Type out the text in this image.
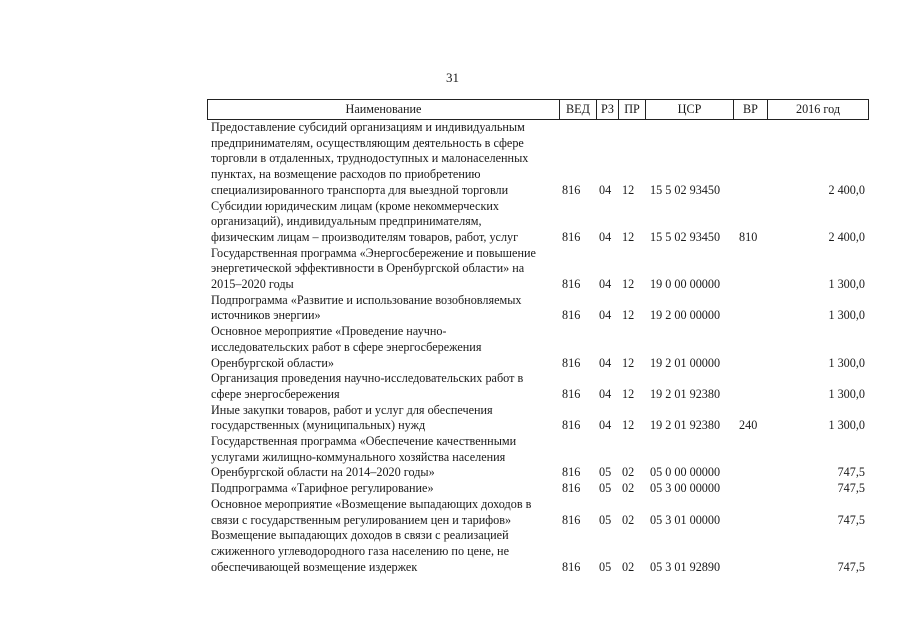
31
Наименование	ВЕД РЗ ПР	ЦСР	ВР	2016 год
Предоставление субсидий организациям и индивидуальным
предпринимателям, осуществляющим деятельность в сфере
торговли в отдаленных, труднодоступных и малонаселенных
пунктах, на возмещение расходов по приобретению
специализированного транспорта для выездной торговли	816 04 12 15 5 02 93450	2 400,0
Субсидии юридическим лицам (кроме некоммерческих
организаций), индивидуальным предпринимателям,
физическим лицам – производителям товаров, работ, услуг	816 04 12 15 5 02 93450 810	2 400,0
Государственная программа «Энергосбережение и повышение
энергетической эффективности в Оренбургской области» на
2015–2020 годы	816 04 12 19 0 00 00000	1 300,0
Подпрограмма «Развитие и использование возобновляемых
источников энергии»	816 04 12 19 2 00 00000	1 300,0
Основное мероприятие «Проведение научно-
исследовательских работ в сфере энергосбережения
Оренбургской области»	816 04 12 19 2 01 00000	1 300,0
Организация проведения научно-исследовательских работ в
сфере энергосбережения	816 04 12 19 2 01 92380	1 300,0
Иные закупки товаров, работ и услуг для обеспечения
государственных (муниципальных) нужд	816 04 12 19 2 01 92380 240	1 300,0
Государственная программа «Обеспечение качественными
услугами жилищно-коммунального хозяйства населения
Оренбургской области на 2014–2020 годы»	816 05 02 05 0 00 00000	747,5
Подпрограмма «Тарифное регулирование»	816 05 02 05 3 00 00000	747,5
Основное мероприятие «Возмещение выпадающих доходов в
связи с государственным регулированием цен и тарифов»	816 05 02 05 3 01 00000	747,5
Возмещение выпадающих доходов в связи с реализацией
сжиженного углеводородного газа населению по цене, не
обеспечивающей возмещение издержек	816 05 02 05 3 01 92890	747,5
